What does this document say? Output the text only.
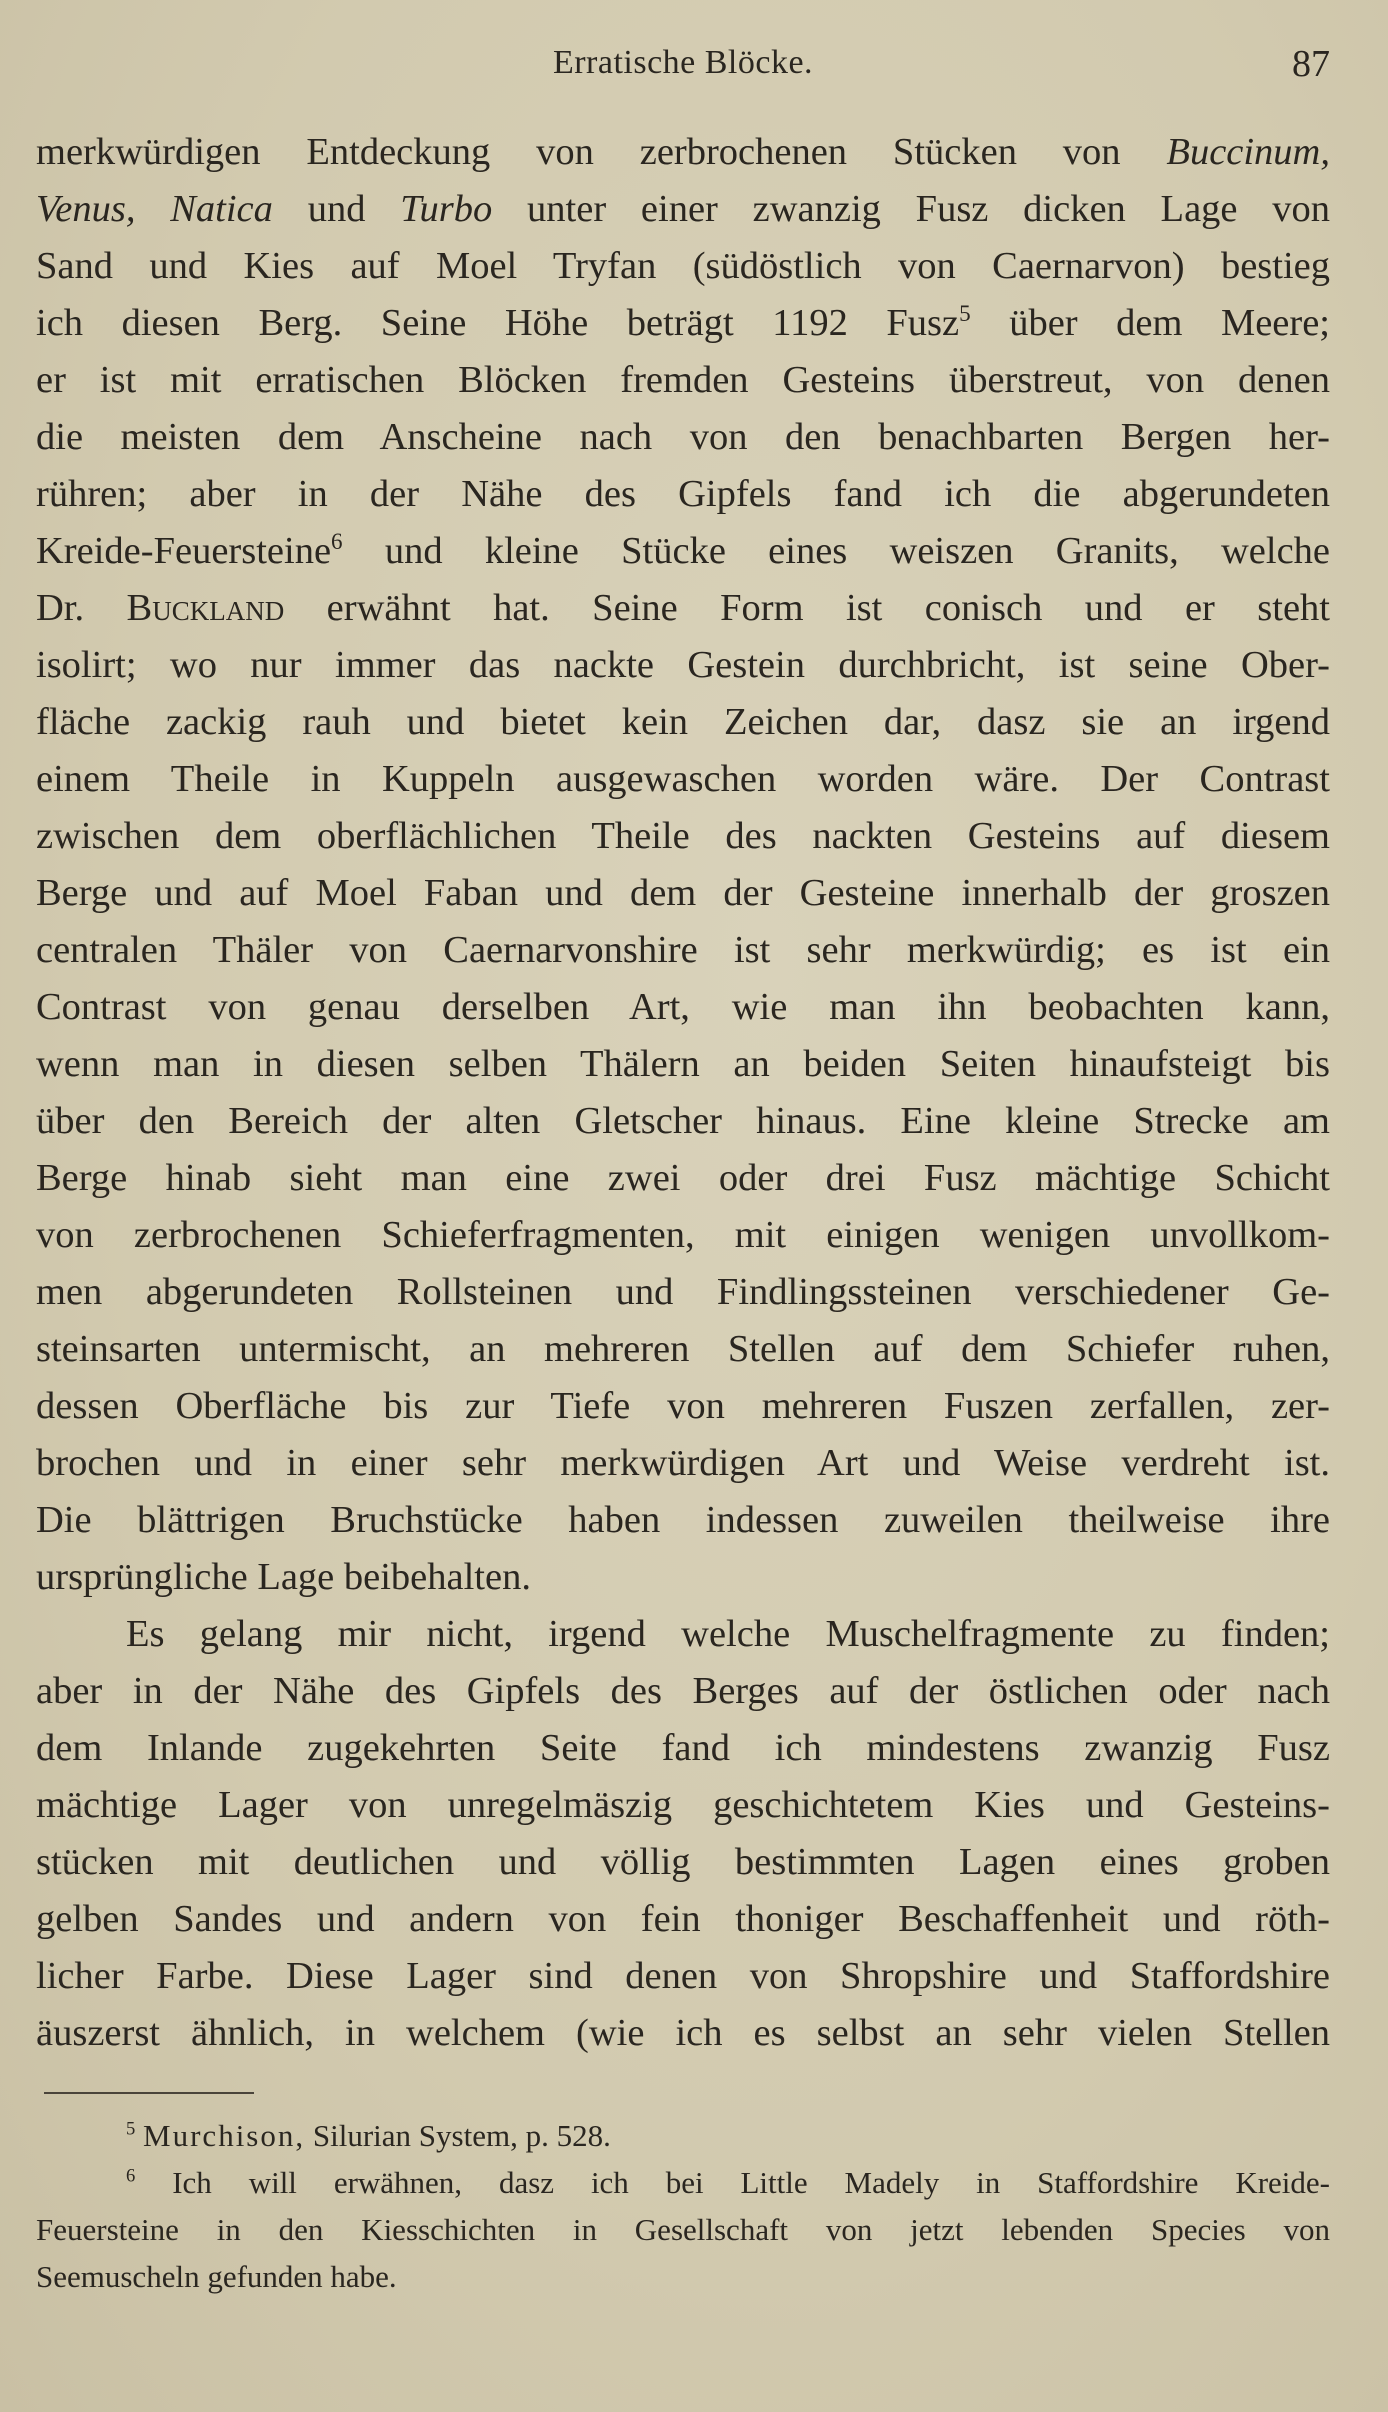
Erratische Blöcke.	87
merkwürdigen Entdeckung von zerbrochenen Stücken von Buccinum,
Venus, Natica und Turbo unter einer zwanzig Fusz dicken Lage von
Sand und Kies auf Moel Tryfan (südöstlich von Caernarvon) bestieg
ich diesen Berg. Seine Höhe beträgt 1192 Fusz$^5$ über dem Meere;
er ist mit erratischen Blöcken fremden Gesteins überstreut, von denen
die meisten dem Anscheine nach von den benachbarten Bergen her-
rühren; aber in der Nähe des Gipfels fand ich die abgerundeten
Kreide-Feuersteine$^6$ und kleine Stücke eines weiszen Granits, welche
Dr. Buckland erwähnt hat. Seine Form ist conisch und er steht
isolirt; wo nur immer das nackte Gestein durchbricht, ist seine Ober-
fläche zackig rauh und bietet kein Zeichen dar, dasz sie an irgend
einem Theile in Kuppeln ausgewaschen worden wäre. Der Contrast
zwischen dem oberflächlichen Theile des nackten Gesteins auf diesem
Berge und auf Moel Faban und dem der Gesteine innerhalb der groszen
centralen Thäler von Caernarvonshire ist sehr merkwürdig; es ist ein
Contrast von genau derselben Art, wie man ihn beobachten kann,
wenn man in diesen selben Thälern an beiden Seiten hinaufsteigt bis
über den Bereich der alten Gletscher hinaus. Eine kleine Strecke am
Berge hinab sieht man eine zwei oder drei Fusz mächtige Schicht
von zerbrochenen Schieferfragmenten, mit einigen wenigen unvollkom-
men abgerundeten Rollsteinen und Findlingssteinen verschiedener Ge-
steinsarten untermischt, an mehreren Stellen auf dem Schiefer ruhen,
dessen Oberfläche bis zur Tiefe von mehreren Fuszen zerfallen, zer-
brochen und in einer sehr merkwürdigen Art und Weise verdreht ist.
Die blättrigen Bruchstücke haben indessen zuweilen theilweise ihre
ursprüngliche Lage beibehalten.
Es gelang mir nicht, irgend welche Muschelfragmente zu finden;
aber in der Nähe des Gipfels des Berges auf der östlichen oder nach
dem Inlande zugekehrten Seite fand ich mindestens zwanzig Fusz
mächtige Lager von unregelmäszig geschichtetem Kies und Gesteins-
stücken mit deutlichen und völlig bestimmten Lagen eines groben
gelben Sandes und andern von fein thoniger Beschaffenheit und röth-
licher Farbe. Diese Lager sind denen von Shropshire und Staffordshire
äuszerst ähnlich, in welchem (wie ich es selbst an sehr vielen Stellen
$^5$ Murchison, Silurian System, p. 528.
$^6$ Ich will erwähnen, dasz ich bei Little Madely in Staffordshire Kreide-
Feuersteine in den Kiesschichten in Gesellschaft von jetzt lebenden Species von
Seemuscheln gefunden habe.
